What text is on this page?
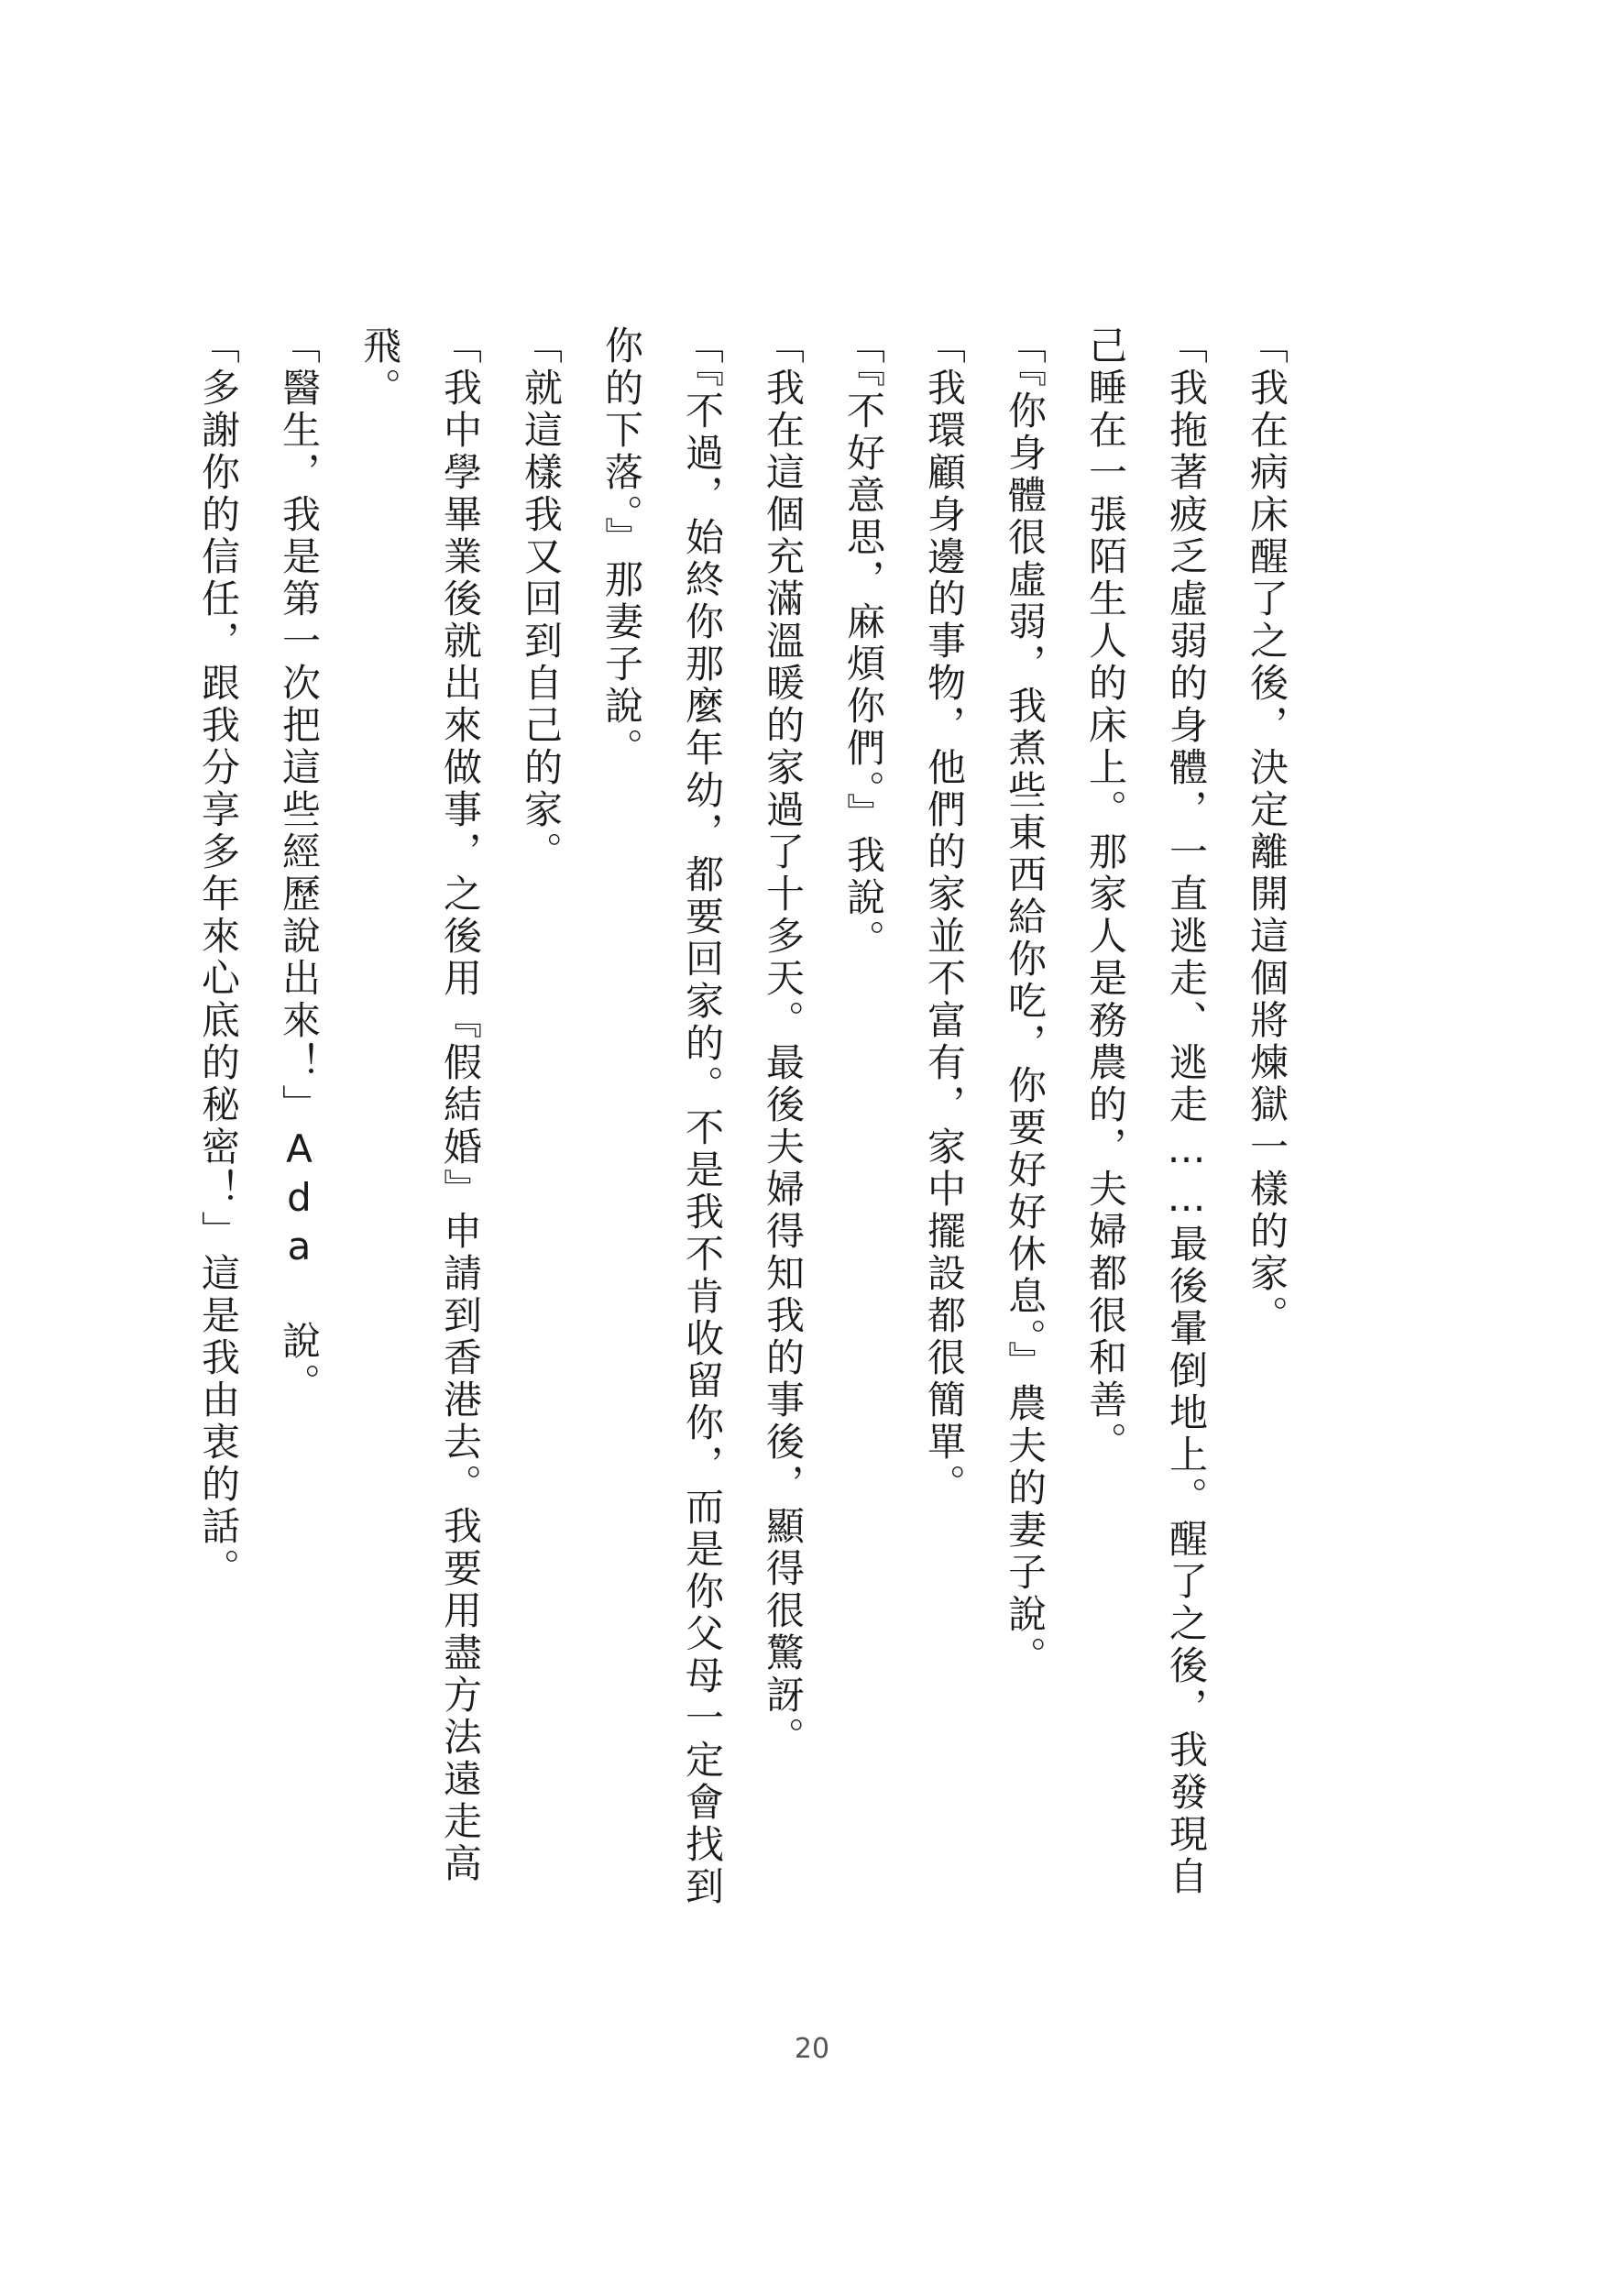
「我在病床醒了之後，決定離開這個將煉獄一樣的家。

「我拖著疲乏虛弱的身體，一直逃走、逃走……最後暈倒地上。醒了之後，我發現自己睡在一張陌生人的床上。那家人是務農的，夫婦都很和善。

「『你身體很虛弱，我煮些東西給你吃，你要好好休息。』農夫的妻子說。

「我環顧身邊的事物，他們的家並不富有，家中擺設都很簡單。

「『不好意思，麻煩你們。』我說。

「我在這個充滿溫暖的家過了十多天。最後夫婦得知我的事後，顯得很驚訝。

「『不過，始終你那麼年幼，都要回家的。不是我不肯收留你，而是你父母一定會找到你的下落。』那妻子說。

「就這樣我又回到自己的家。

「我中學畢業後就出來做事，之後用『假結婚』申請到香港去。我要用盡方法遠走高飛。

「醫生，我是第一次把這些經歷說出來！」Ada 說。

「多謝你的信任，跟我分享多年來心底的秘密！」這是我由衷的話。

20
